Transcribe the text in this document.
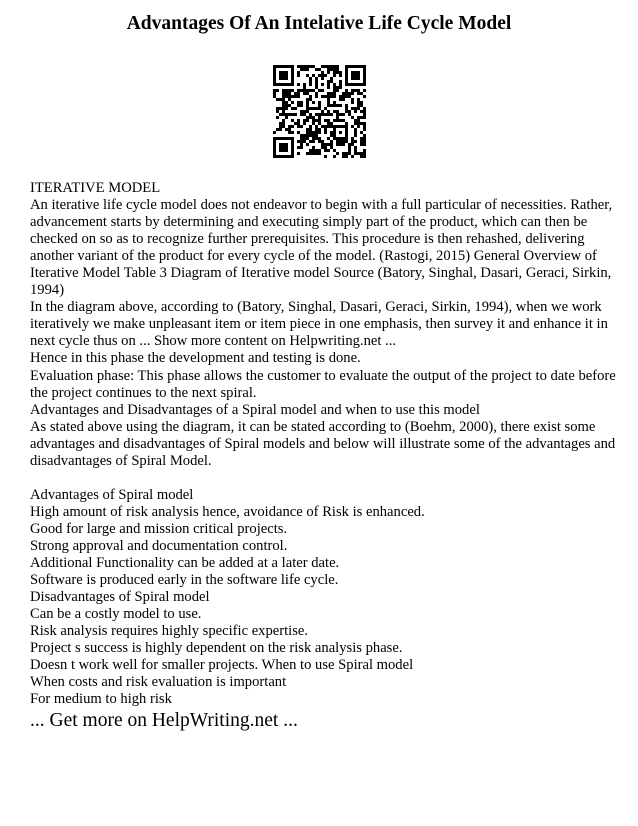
Advantages Of An Intelative Life Cycle Model
ITERATIVE MODEL
An iterative life cycle model does not endeavor to begin with a full particular of necessities. Rather,
advancement starts by determining and executing simply part of the product, which can then be
checked on so as to recognize further prerequisites. This procedure is then rehashed, delivering
another variant of the product for every cycle of the model. (Rastogi, 2015) General Overview of
Iterative Model Table 3 Diagram of Iterative model Source (Batory, Singhal, Dasari, Geraci, Sirkin,
1994)
In the diagram above, according to (Batory, Singhal, Dasari, Geraci, Sirkin, 1994), when we work
iteratively we make unpleasant item or item piece in one emphasis, then survey it and enhance it in
next cycle thus on ... Show more content on Helpwriting.net ...
Hence in this phase the development and testing is done.
Evaluation phase: This phase allows the customer to evaluate the output of the project to date before
the project continues to the next spiral.
Advantages and Disadvantages of a Spiral model and when to use this model
As stated above using the diagram, it can be stated according to (Boehm, 2000), there exist some
advantages and disadvantages of Spiral models and below will illustrate some of the advantages and
disadvantages of Spiral Model.
Advantages of Spiral model
High amount of risk analysis hence, avoidance of Risk is enhanced.
Good for large and mission critical projects.
Strong approval and documentation control.
Additional Functionality can be added at a later date.
Software is produced early in the software life cycle.
Disadvantages of Spiral model
Can be a costly model to use.
Risk analysis requires highly specific expertise.
Project s success is highly dependent on the risk analysis phase.
Doesn t work well for smaller projects. When to use Spiral model
When costs and risk evaluation is important
For medium to high risk
... Get more on HelpWriting.net ...
